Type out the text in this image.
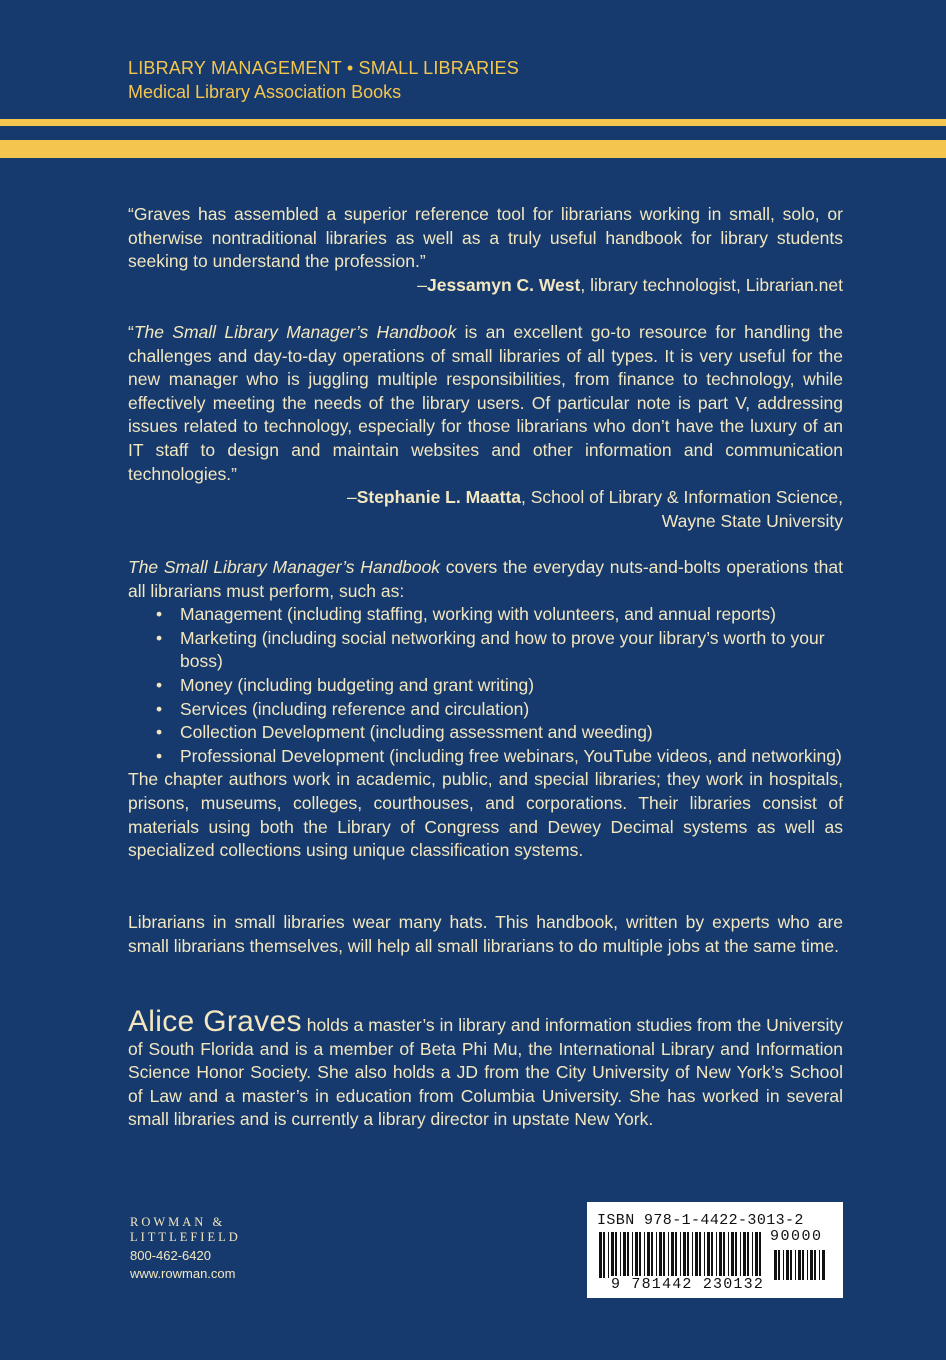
LIBRARY MANAGEMENT • SMALL LIBRARIES
Medical Library Association Books
“Graves has assembled a superior reference tool for librarians working in small, solo, or otherwise nontraditional libraries as well as a truly useful handbook for library students seeking to understand the profession.”
–Jessamyn C. West, library technologist, Librarian.net
“The Small Library Manager’s Handbook is an excellent go-to resource for handling the challenges and day-to-day operations of small libraries of all types. It is very useful for the new manager who is juggling multiple responsibilities, from finance to technology, while effectively meeting the needs of the library users. Of particular note is part V, addressing issues related to technology, especially for those librarians who don’t have the luxury of an IT staff to design and maintain websites and other information and communication technologies.”
–Stephanie L. Maatta, School of Library & Information Science,
Wayne State University
The Small Library Manager’s Handbook covers the everyday nuts-and-bolts operations that all librarians must perform, such as:
• Management (including staffing, working with volunteers, and annual reports)
• Marketing (including social networking and how to prove your library’s worth to your boss)
• Money (including budgeting and grant writing)
• Services (including reference and circulation)
• Collection Development (including assessment and weeding)
• Professional Development (including free webinars, YouTube videos, and networking)
The chapter authors work in academic, public, and special libraries; they work in hospitals, prisons, museums, colleges, courthouses, and corporations. Their libraries consist of materials using both the Library of Congress and Dewey Decimal systems as well as specialized collections using unique classification systems.
Librarians in small libraries wear many hats. This handbook, written by experts who are small librarians themselves, will help all small librarians to do multiple jobs at the same time.
Alice Graves holds a master’s in library and information studies from the University of South Florida and is a member of Beta Phi Mu, the International Library and Information Science Honor Society. She also holds a JD from the City University of New York’s School of Law and a master’s in education from Columbia University. She has worked in several small libraries and is currently a library director in upstate New York.
ROWMAN &
LITTLEFIELD
800-462-6420
www.rowman.com
ISBN 978-1-4422-3013-2
90000
9 781442 230132
